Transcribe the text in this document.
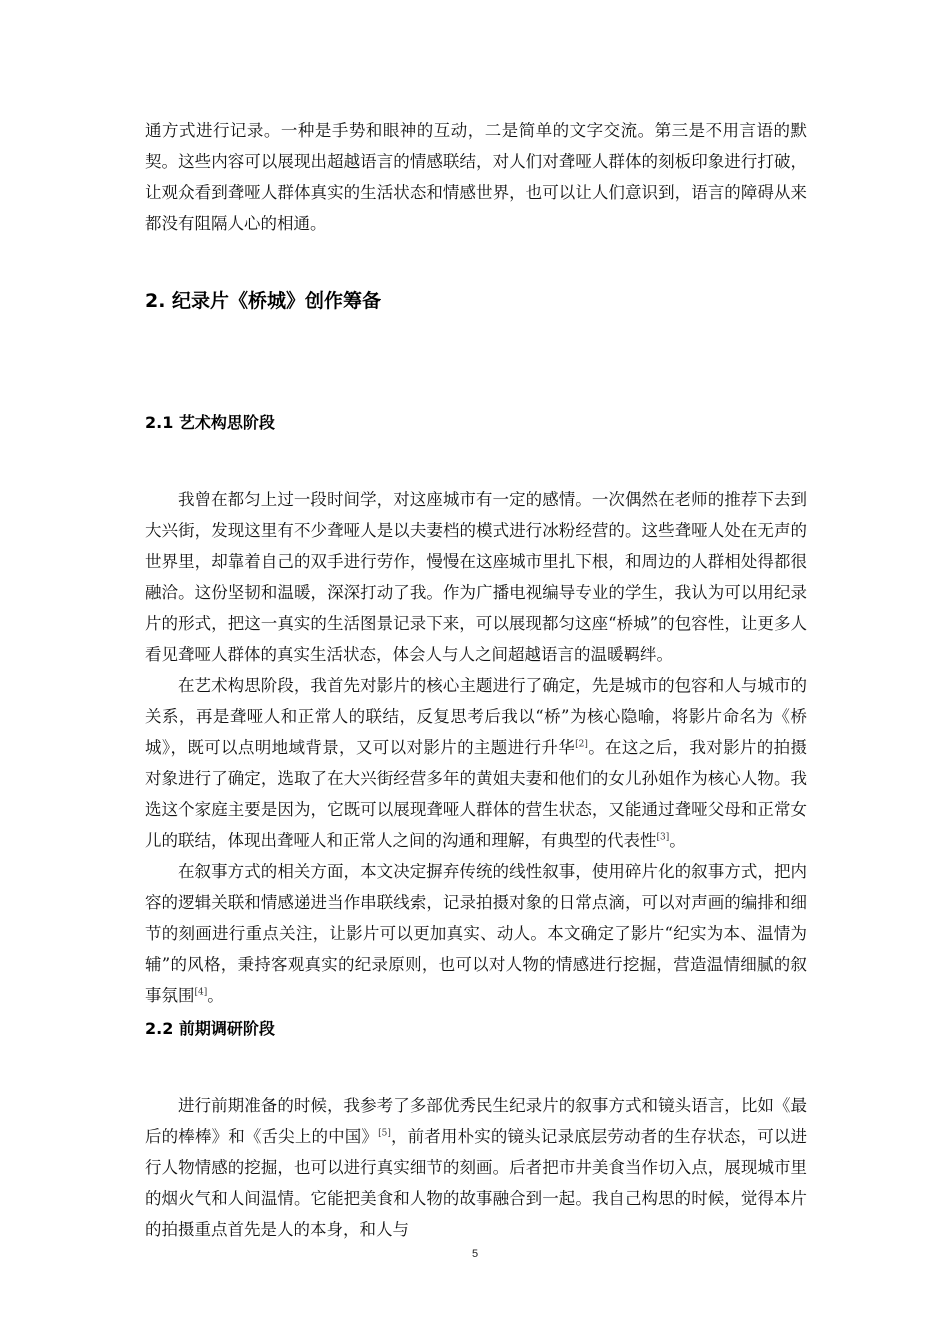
通方式进行记录。一种是手势和眼神的互动，二是简单的文字交流。第三是不用言语的默契。这些内容可以展现出超越语言的情感联结，对人们对聋哑人群体的刻板印象进行打破，让观众看到聋哑人群体真实的生活状态和情感世界，也可以让人们意识到，语言的障碍从来都没有阻隔人心的相通。

2. 纪录片《桥城》创作筹备
2.1 艺术构思阶段

我曾在都匀上过一段时间学，对这座城市有一定的感情。一次偶然在老师的推荐下去到大兴街，发现这里有不少聋哑人是以夫妻档的模式进行冰粉经营的。这些聋哑人处在无声的世界里，却靠着自己的双手进行劳作，慢慢在这座城市里扎下根，和周边的人群相处得都很融洽。这份坚韧和温暖，深深打动了我。作为广播电视编导专业的学生，我认为可以用纪录片的形式，把这一真实的生活图景记录下来，可以展现都匀这座“桥城”的包容性，让更多人看见聋哑人群体的真实生活状态，体会人与人之间超越语言的温暖羁绊。

在艺术构思阶段，我首先对影片的核心主题进行了确定，先是城市的包容和人与城市的关系，再是聋哑人和正常人的联结，反复思考后我以“桥”为核心隐喻，将影片命名为《桥城》，既可以点明地域背景，又可以对影片的主题进行升华[2]。在这之后，我对影片的拍摄对象进行了确定，选取了在大兴街经营多年的黄姐夫妻和他们的女儿孙姐作为核心人物。我选这个家庭主要是因为，它既可以展现聋哑人群体的营生状态，又能通过聋哑父母和正常女儿的联结，体现出聋哑人和正常人之间的沟通和理解，有典型的代表性[3]。

在叙事方式的相关方面，本文决定摒弃传统的线性叙事，使用碎片化的叙事方式，把内容的逻辑关联和情感递进当作串联线索，记录拍摄对象的日常点滴，可以对声画的编排和细节的刻画进行重点关注，让影片可以更加真实、动人。本文确定了影片“纪实为本、温情为辅”的风格，秉持客观真实的纪录原则，也可以对人物的情感进行挖掘，营造温情细腻的叙事氛围[4]。

2.2 前期调研阶段

进行前期准备的时候，我参考了多部优秀民生纪录片的叙事方式和镜头语言，比如《最后的棒棒》和《舌尖上的中国》[5]，前者用朴实的镜头记录底层劳动者的生存状态，可以进行人物情感的挖掘，也可以进行真实细节的刻画。后者把市井美食当作切入点，展现城市里的烟火气和人间温情。它能把美食和人物的故事融合到一起。我自己构思的时候，觉得本片的拍摄重点首先是人的本身，和人与

5
